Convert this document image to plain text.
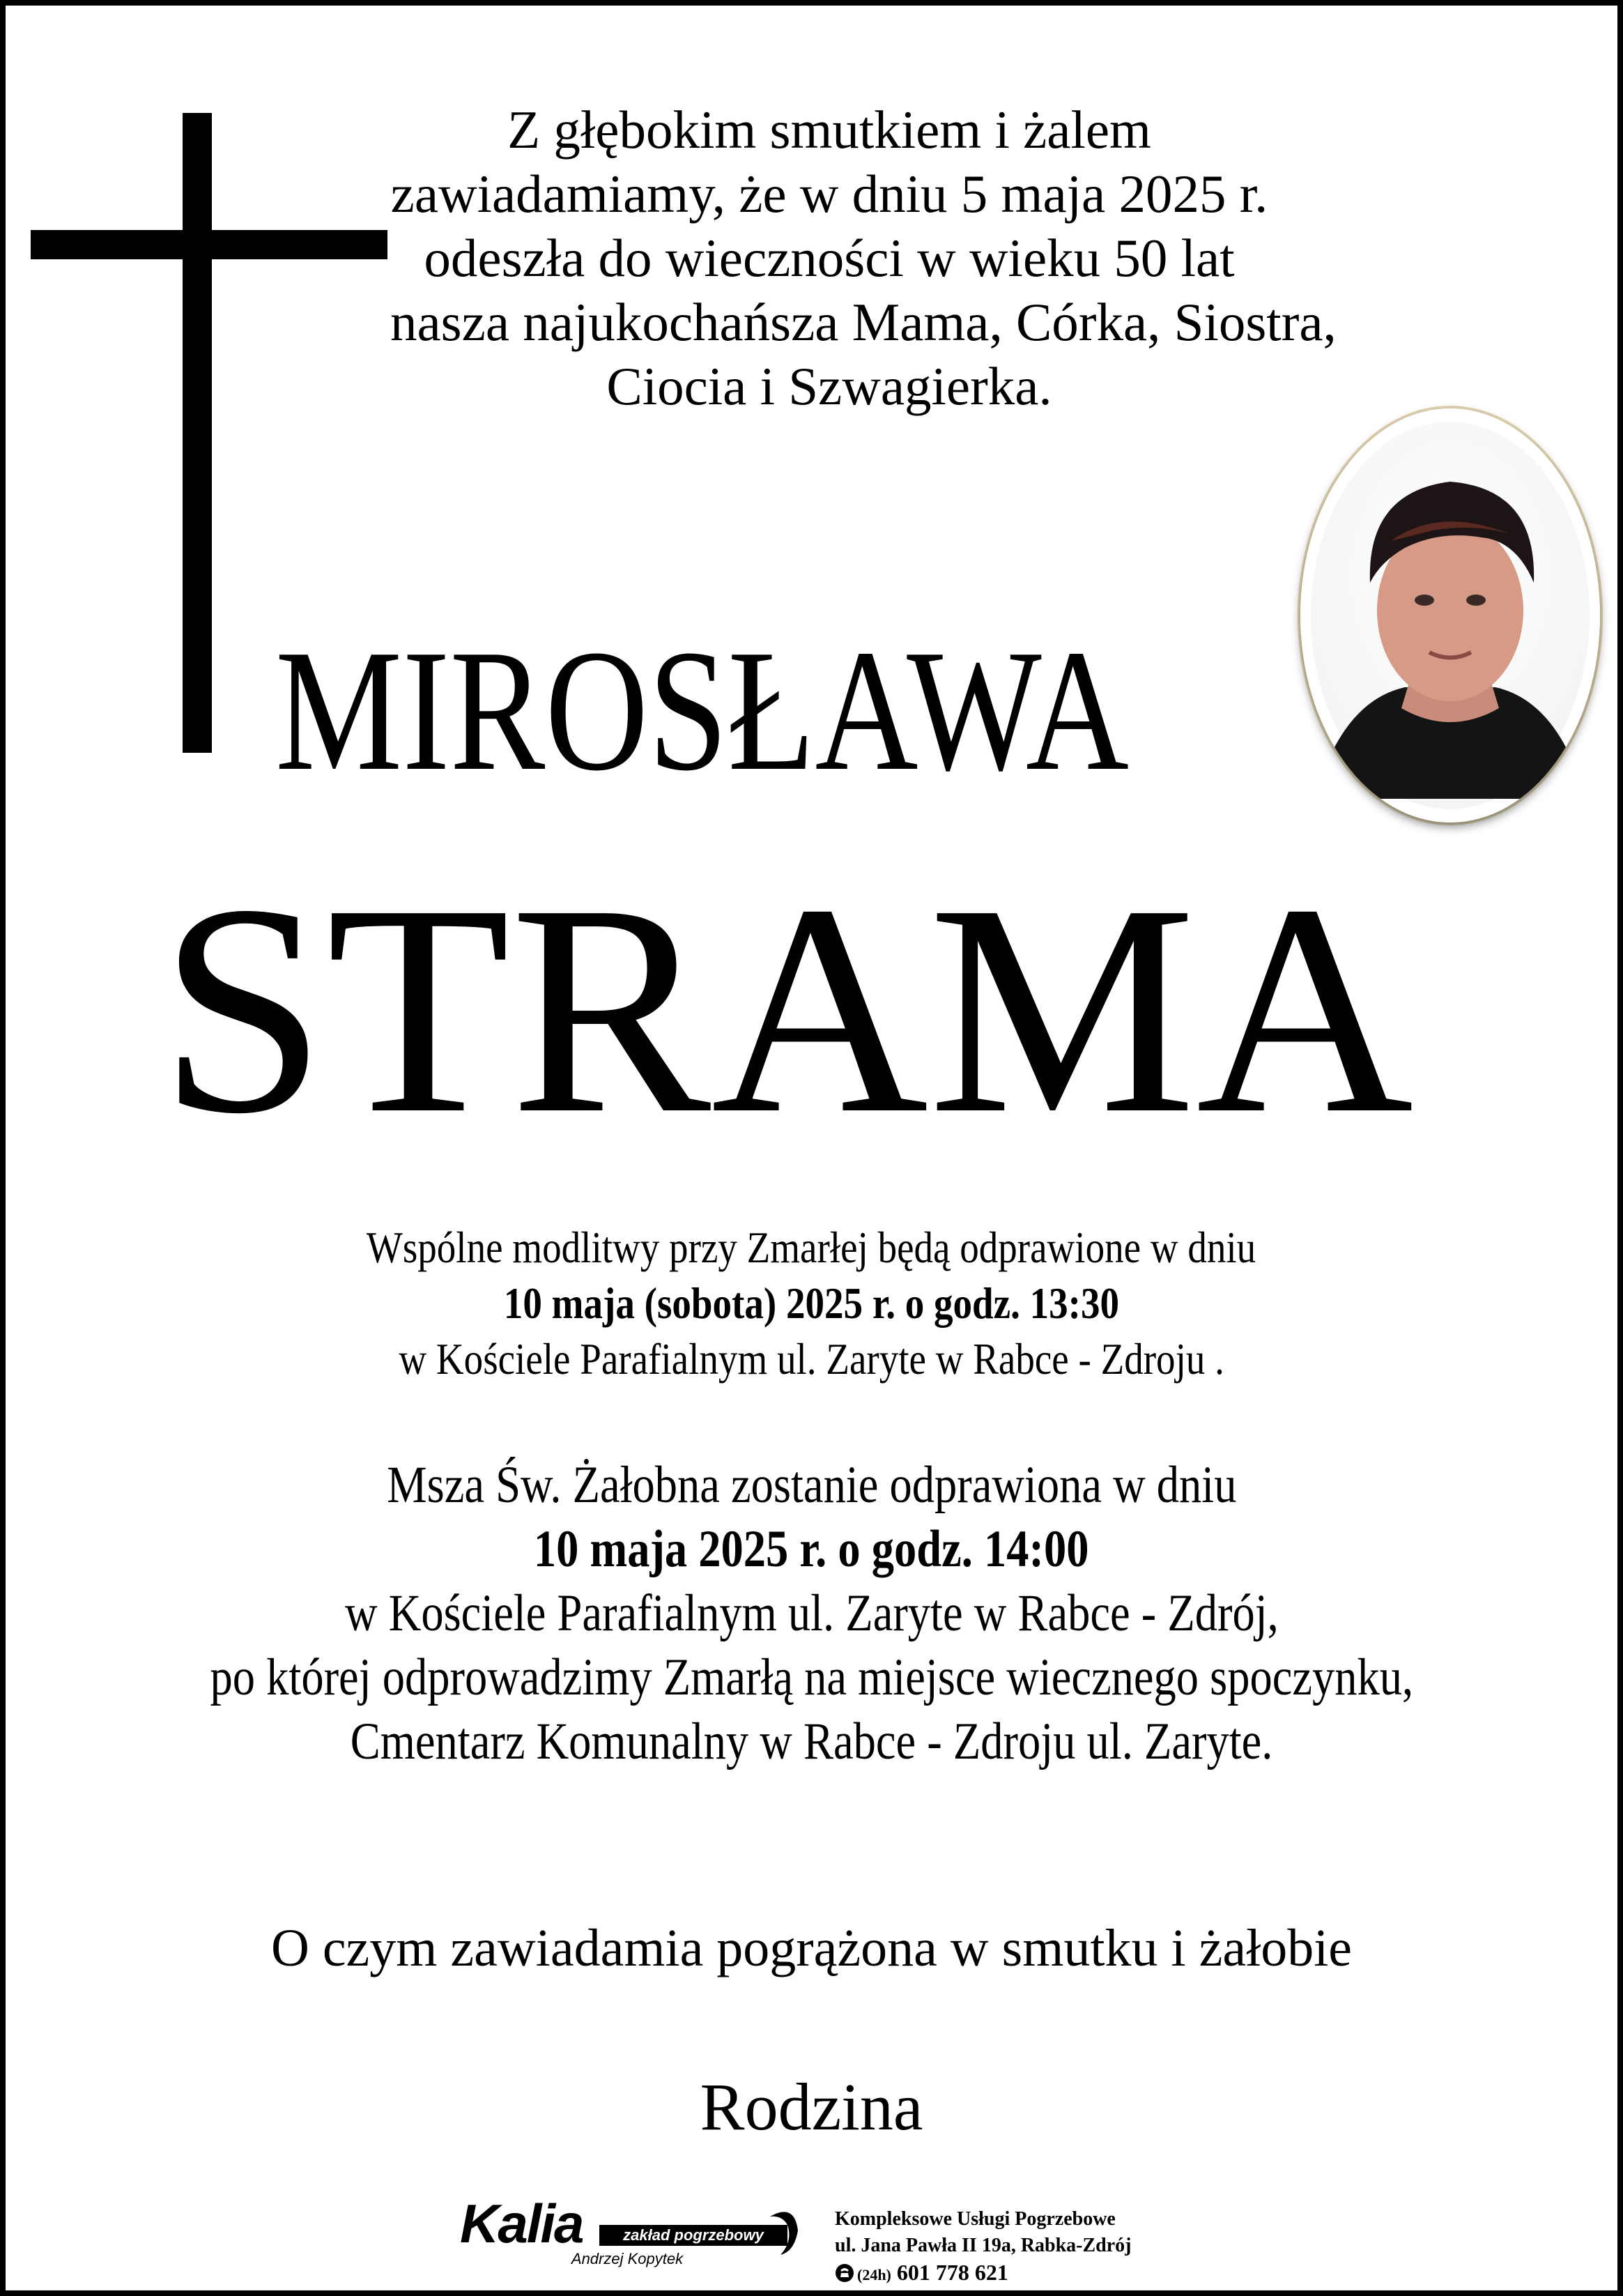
Z głębokim smutkiem i żalem
zawiadamiamy, że w dniu 5 maja 2025 r.
odeszła do wieczności w wieku 50 lat
nasza najukochańsza Mama, Córka, Siostra,
Ciocia i Szwagierka.
MIROSŁAWA
STRAMA
Wspólne modlitwy przy Zmarłej będą odprawione w dniu
10 maja (sobota) 2025 r. o godz. 13:30
w Kościele Parafialnym ul. Zaryte w Rabce - Zdroju .
Msza Św. Żałobna zostanie odprawiona w dniu
10 maja 2025 r. o godz. 14:00
w Kościele Parafialnym ul. Zaryte w Rabce - Zdrój,
po której odprowadzimy Zmarłą na miejsce wiecznego spoczynku,
Cmentarz Komunalny w Rabce - Zdroju ul. Zaryte.
O czym zawiadamia pogrążona w smutku i żałobie
Rodzina
Kalia	zakład pogrzebowy
Andrzej Kopytek
Kompleksowe Usługi Pogrzebowe
ul. Jana Pawła II 19a, Rabka-Zdrój
(24h) 601 778 621
